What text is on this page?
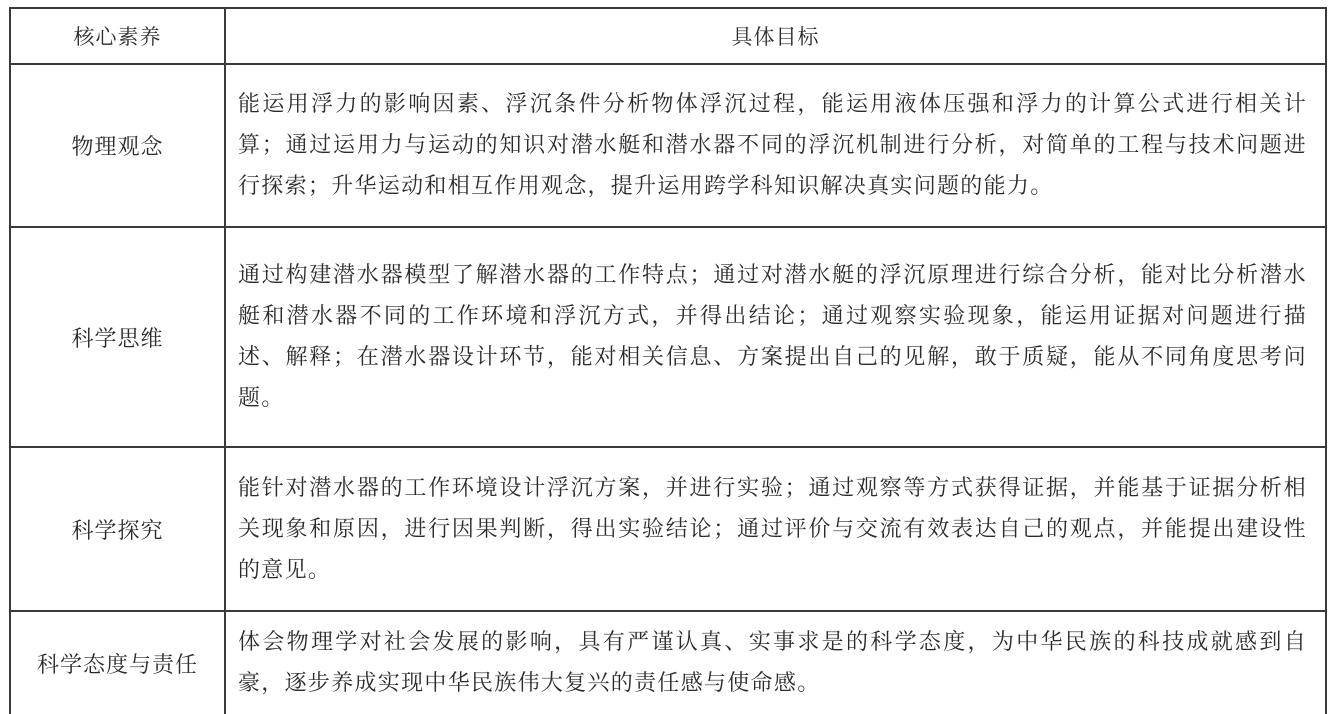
核心素养	具体目标
物理观念	能运用浮力的影响因素、浮沉条件分析物体浮沉过程，能运用液体压强和浮力的计算公式进行相关计算；通过运用力与运动的知识对潜水艇和潜水器不同的浮沉机制进行分析，对简单的工程与技术问题进行探索；升华运动和相互作用观念，提升运用跨学科知识解决真实问题的能力。
科学思维	通过构建潜水器模型了解潜水器的工作特点；通过对潜水艇的浮沉原理进行综合分析，能对比分析潜水艇和潜水器不同的工作环境和浮沉方式，并得出结论；通过观察实验现象，能运用证据对问题进行描述、解释；在潜水器设计环节，能对相关信息、方案提出自己的见解，敢于质疑，能从不同角度思考问题。
科学探究	能针对潜水器的工作环境设计浮沉方案，并进行实验；通过观察等方式获得证据，并能基于证据分析相关现象和原因，进行因果判断，得出实验结论；通过评价与交流有效表达自己的观点，并能提出建设性的意见。
科学态度与责任	体会物理学对社会发展的影响，具有严谨认真、实事求是的科学态度，为中华民族的科技成就感到自豪，逐步养成实现中华民族伟大复兴的责任感与使命感。
